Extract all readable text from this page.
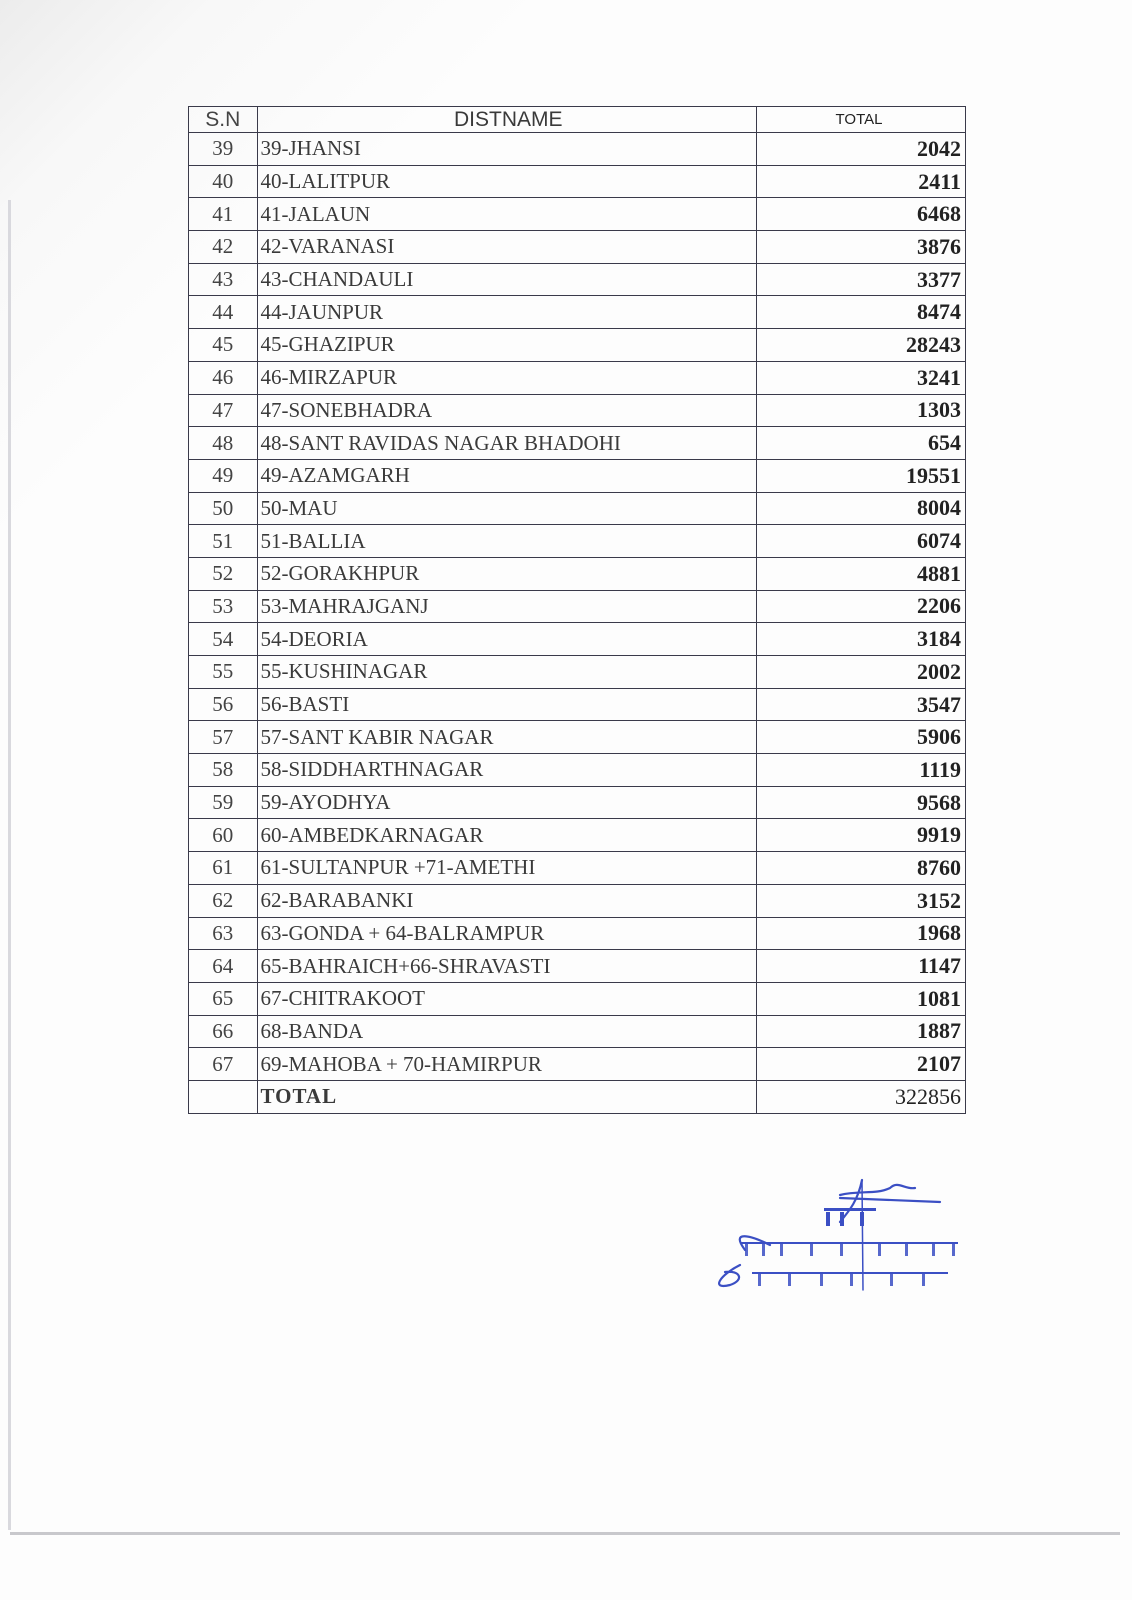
S.N	DISTNAME	TOTAL
39	39-JHANSI	2042
40	40-LALITPUR	2411
41	41-JALAUN	6468
42	42-VARANASI	3876
43	43-CHANDAULI	3377
44	44-JAUNPUR	8474
45	45-GHAZIPUR	28243
46	46-MIRZAPUR	3241
47	47-SONEBHADRA	1303
48	48-SANT RAVIDAS NAGAR BHADOHI	654
49	49-AZAMGARH	19551
50	50-MAU	8004
51	51-BALLIA	6074
52	52-GORAKHPUR	4881
53	53-MAHRAJGANJ	2206
54	54-DEORIA	3184
55	55-KUSHINAGAR	2002
56	56-BASTI	3547
57	57-SANT KABIR NAGAR	5906
58	58-SIDDHARTHNAGAR	1119
59	59-AYODHYA	9568
60	60-AMBEDKARNAGAR	9919
61	61-SULTANPUR +71-AMETHI	8760
62	62-BARABANKI	3152
63	63-GONDA + 64-BALRAMPUR	1968
64	65-BAHRAICH+66-SHRAVASTI	1147
65	67-CHITRAKOOT	1081
66	68-BANDA	1887
67	69-MAHOBA + 70-HAMIRPUR	2107
	TOTAL	322856
